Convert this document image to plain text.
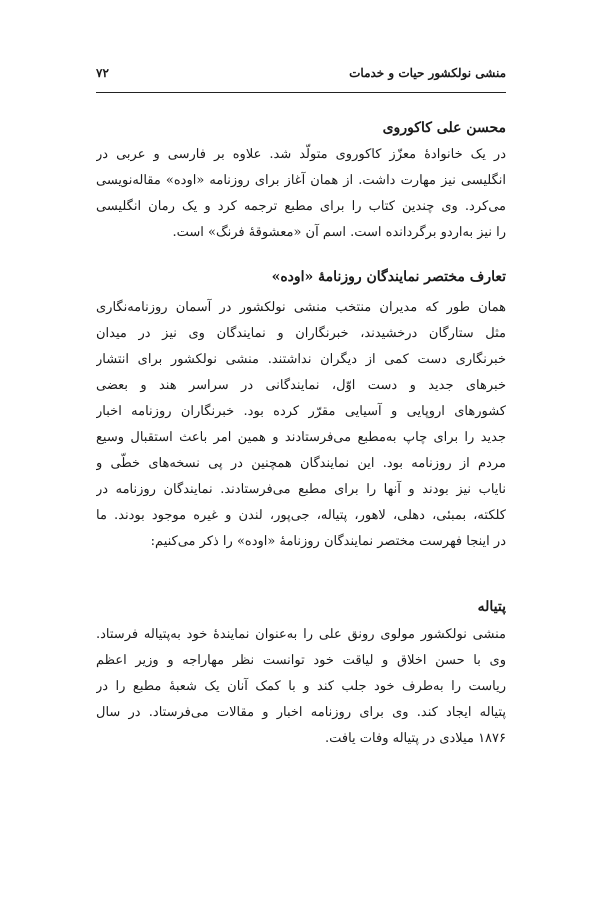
منشی نولکشور حیات و خدمات
۷۲
محسن علی کاکوروی
در یک خانوادۀ معزّز کاکوروی متولّد شد. علاوه بر فارسی و عربی در
انگلیسی نیز مهارت داشت. از همان آغاز برای روزنامه «اوده» مقاله‌نویسی
می‌کرد. وی چندین کتاب را برای مطبع ترجمه کرد و یک رمان انگلیسی
را نیز به‌اردو برگردانده است. اسم آن «معشوقۀ فرنگ» است.
تعارف مختصر نمایندگان روزنامۀ «اوده»
همان طور که مدیران منتخب منشی نولکشور در آسمان روزنامه‌نگاری
مثل ستارگان درخشیدند، خبرنگاران و نمایندگان وی نیز در میدان
خبرنگاری دست کمی از دیگران نداشتند. منشی نولکشور برای انتشار
خبرهای جدید و دست اوّل، نمایندگانی در سراسر هند و بعضی
کشورهای اروپایی و آسیایی مقرّر کرده بود. خبرنگاران روزنامه اخبار
جدید را برای چاپ به‌مطبع می‌فرستادند و همین امر باعث استقبال وسیع
مردم از روزنامه بود. این نمایندگان همچنین در پی نسخه‌های خطّی و
نایاب نیز بودند و آنها را برای مطبع می‌فرستادند. نمایندگان روزنامه در
کلکته، بمبئی، دهلی، لاهور، پتیاله، جی‌پور، لندن و غیره موجود بودند. ما
در اینجا فهرست مختصر نمایندگان روزنامۀ «اوده» را ذکر می‌کنیم:
پتیاله
منشی نولکشور مولوی رونق علی را به‌عنوان نمایندۀ خود به‌پتیاله فرستاد.
وی با حسن اخلاق و لیاقت خود توانست نظر مهاراجه و وزیر اعظم
ریاست را به‌طرف خود جلب کند و با کمک آنان یک شعبۀ مطبع را در
پتیاله ایجاد کند. وی برای روزنامه اخبار و مقالات می‌فرستاد. در سال
۱۸۷۶ میلادی در پتیاله وفات یافت.
